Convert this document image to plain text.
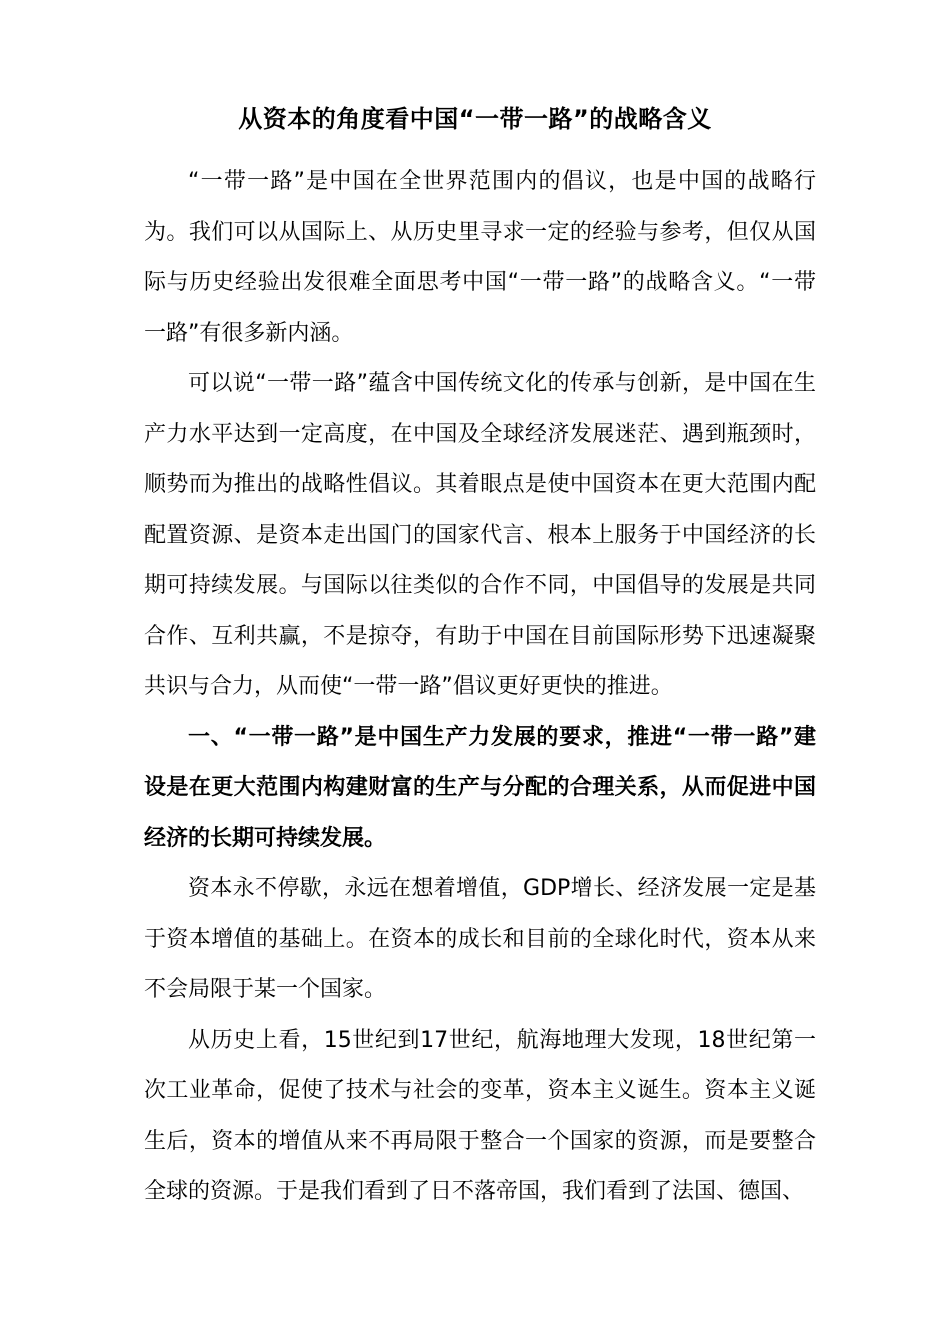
从资本的角度看中国“一带一路”的战略含义

“一带一路”是中国在全世界范围内的倡议，也是中国的战略行为。我们可以从国际上、从历史里寻求一定的经验与参考，但仅从国际与历史经验出发很难全面思考中国“一带一路”的战略含义。“一带一路”有很多新内涵。

可以说“一带一路”蕴含中国传统文化的传承与创新，是中国在生产力水平达到一定高度，在中国及全球经济发展迷茫、遇到瓶颈时，顺势而为推出的战略性倡议。其着眼点是使中国资本在更大范围内配配置资源、是资本走出国门的国家代言、根本上服务于中国经济的长期可持续发展。与国际以往类似的合作不同，中国倡导的发展是共同合作、互利共赢，不是掠夺，有助于中国在目前国际形势下迅速凝聚共识与合力，从而使“一带一路”倡议更好更快的推进。

一、“一带一路”是中国生产力发展的要求，推进“一带一路”建设是在更大范围内构建财富的生产与分配的合理关系，从而促进中国经济的长期可持续发展。

资本永不停歇，永远在想着增值，GDP增长、经济发展一定是基于资本增值的基础上。在资本的成长和目前的全球化时代，资本从来不会局限于某一个国家。

从历史上看，15世纪到17世纪，航海地理大发现，18世纪第一次工业革命，促使了技术与社会的变革，资本主义诞生。资本主义诞生后，资本的增值从来不再局限于整合一个国家的资源，而是要整合全球的资源。于是我们看到了日不落帝国，我们看到了法国、德国、
